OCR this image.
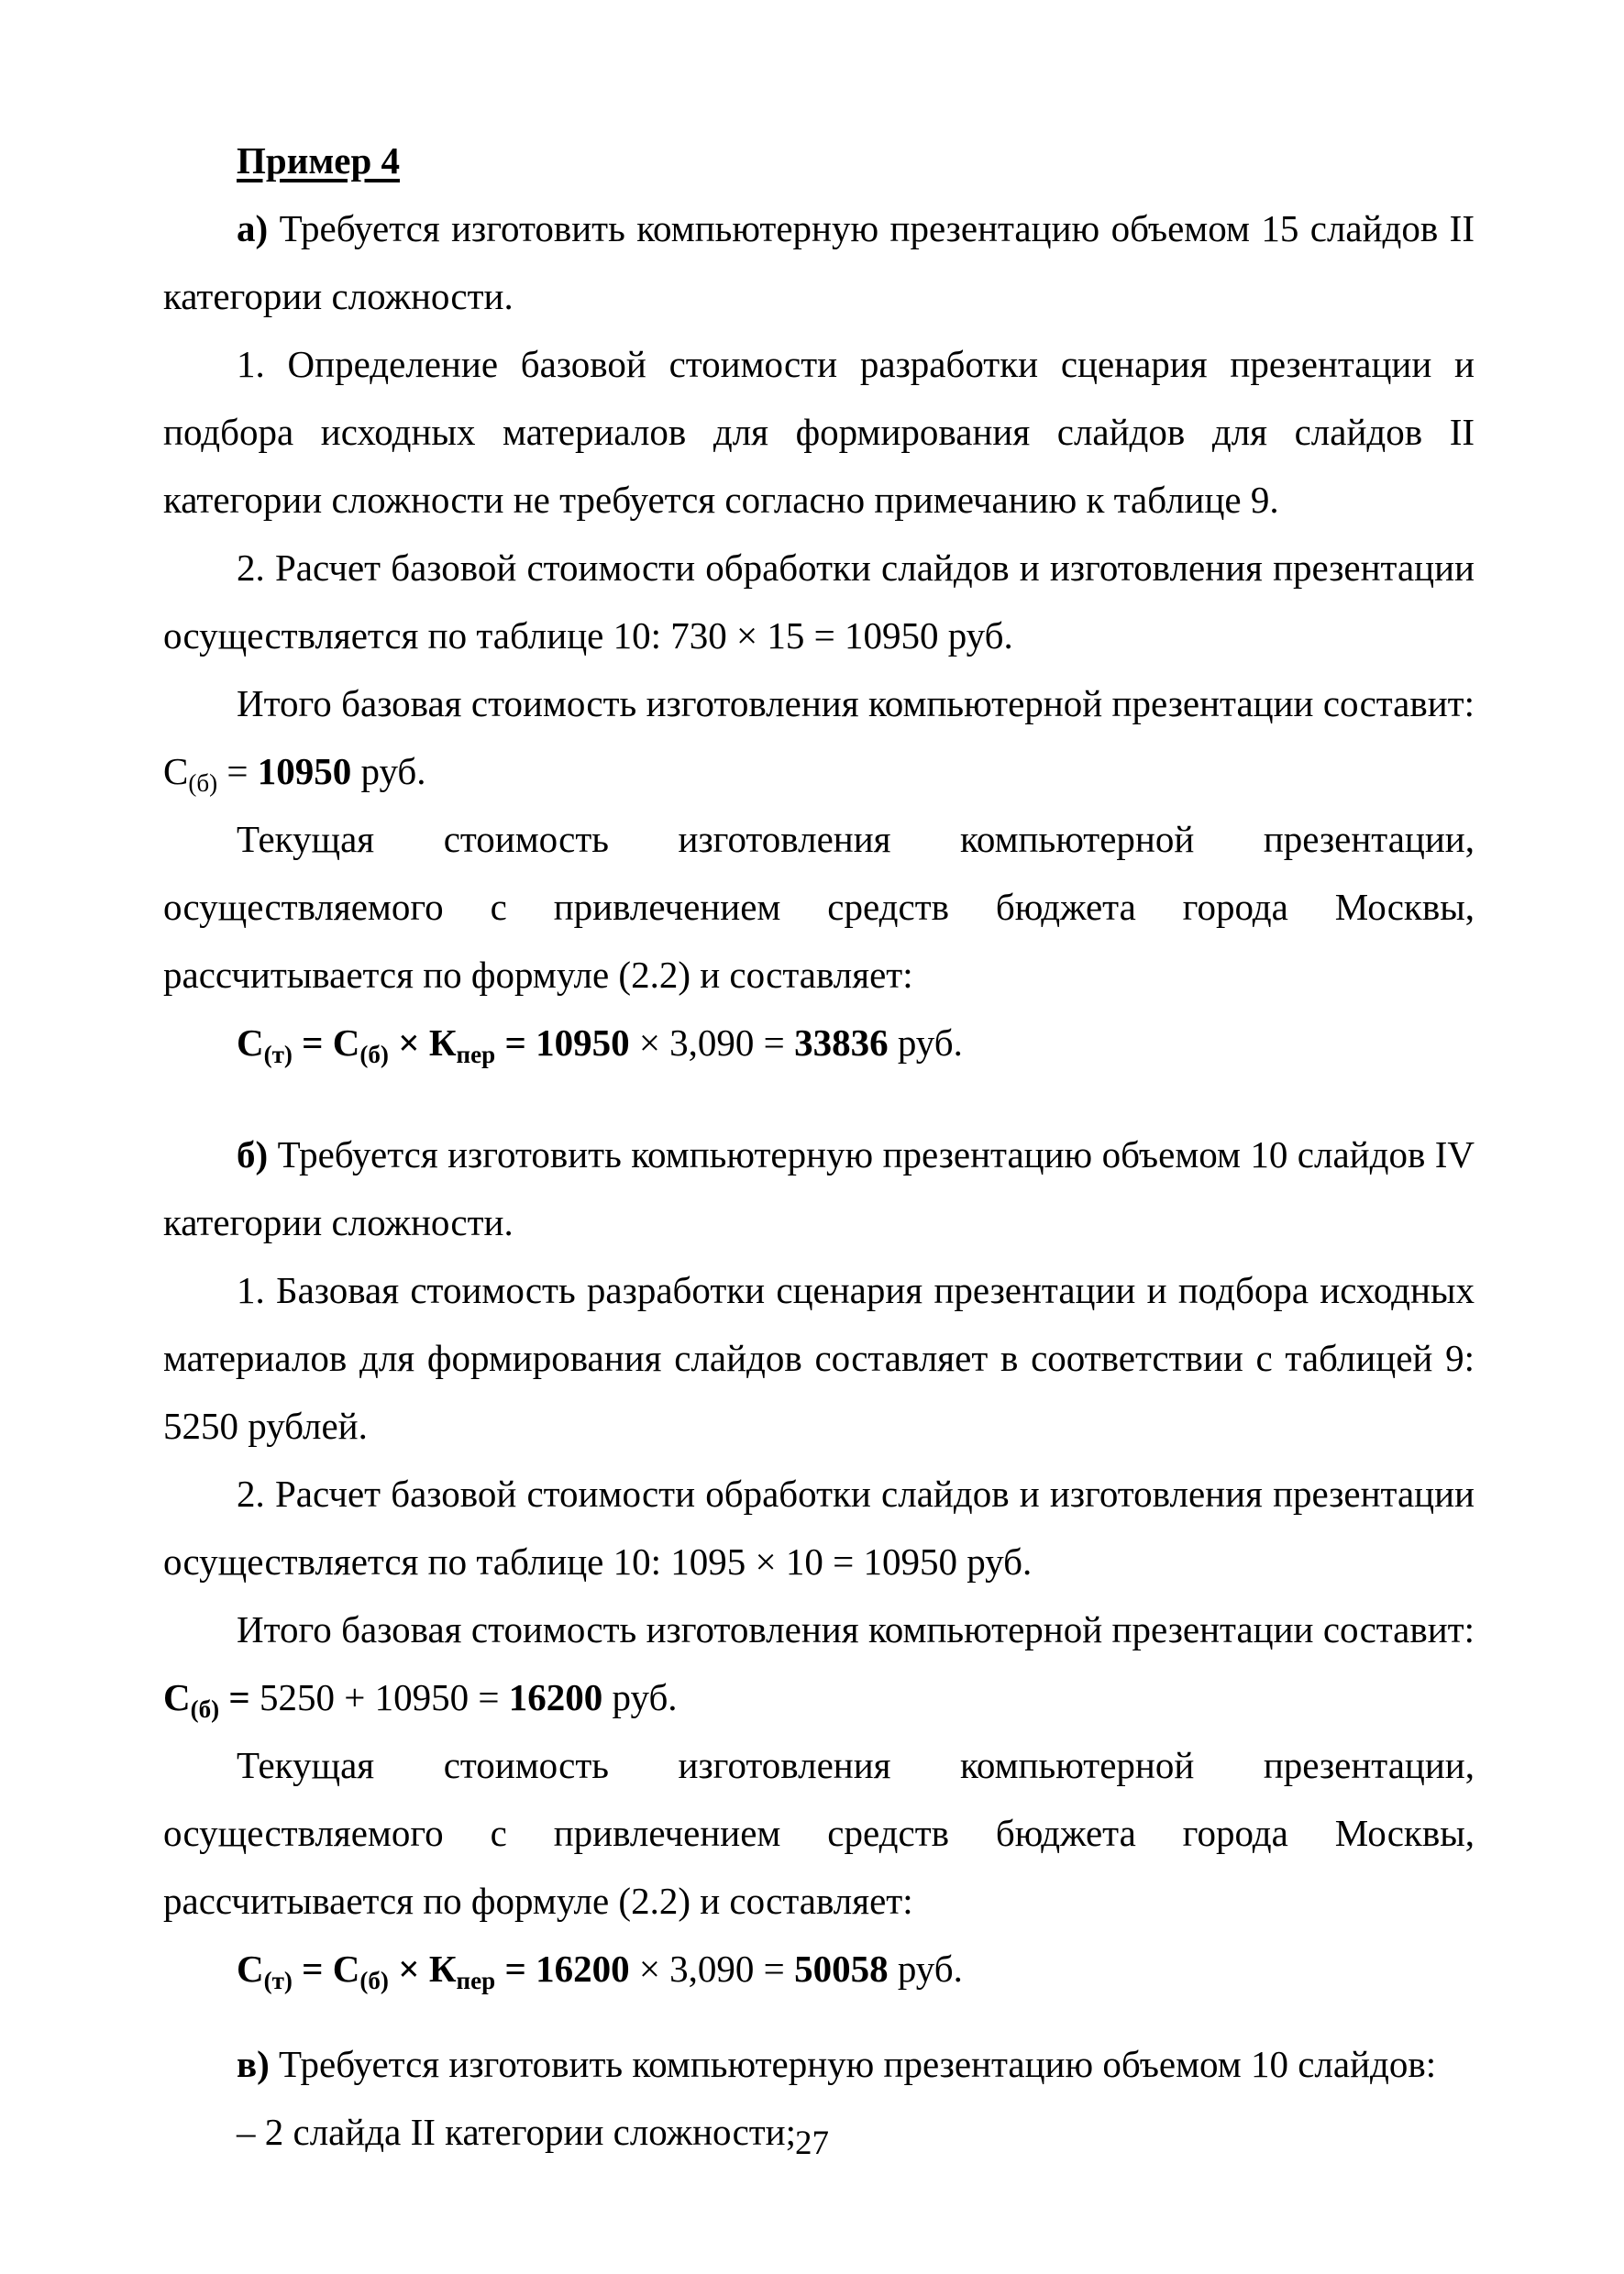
Пример 4

а) Требуется изготовить компьютерную презентацию объемом 15 слайдов II категории сложности.

1. Определение базовой стоимости разработки сценария презентации и подбора исходных материалов для формирования слайдов для слайдов II категории сложности не требуется согласно примечанию к таблице 9.

2. Расчет базовой стоимости обработки слайдов и изготовления презентации осуществляется по таблице 10: 730 × 15 = 10950 руб.

Итого базовая стоимость изготовления компьютерной презентации составит: $С_{(б)} = 10950$ руб.

Текущая стоимость изготовления компьютерной презентации, осуществляемого с привлечением средств бюджета города Москвы, рассчитывается по формуле (2.2) и составляет:

$С_{(т)} = С_{(б)} \times К_{пер} = 10950 \times 3,090 = 33836$ руб.

б) Требуется изготовить компьютерную презентацию объемом 10 слайдов IV категории сложности.

1. Базовая стоимость разработки сценария презентации и подбора исходных материалов для формирования слайдов составляет в соответствии с таблицей 9: 5250 рублей.

2. Расчет базовой стоимости обработки слайдов и изготовления презентации осуществляется по таблице 10: 1095 × 10 = 10950 руб.

Итого базовая стоимость изготовления компьютерной презентации составит: $С_{(б)} = 5250 + 10950 = 16200$ руб.

Текущая стоимость изготовления компьютерной презентации, осуществляемого с привлечением средств бюджета города Москвы, рассчитывается по формуле (2.2) и составляет:

$С_{(т)} = С_{(б)} \times К_{пер} = 16200 \times 3,090 = 50058$ руб.

в) Требуется изготовить компьютерную презентацию объемом 10 слайдов:

– 2 слайда II категории сложности;

27
